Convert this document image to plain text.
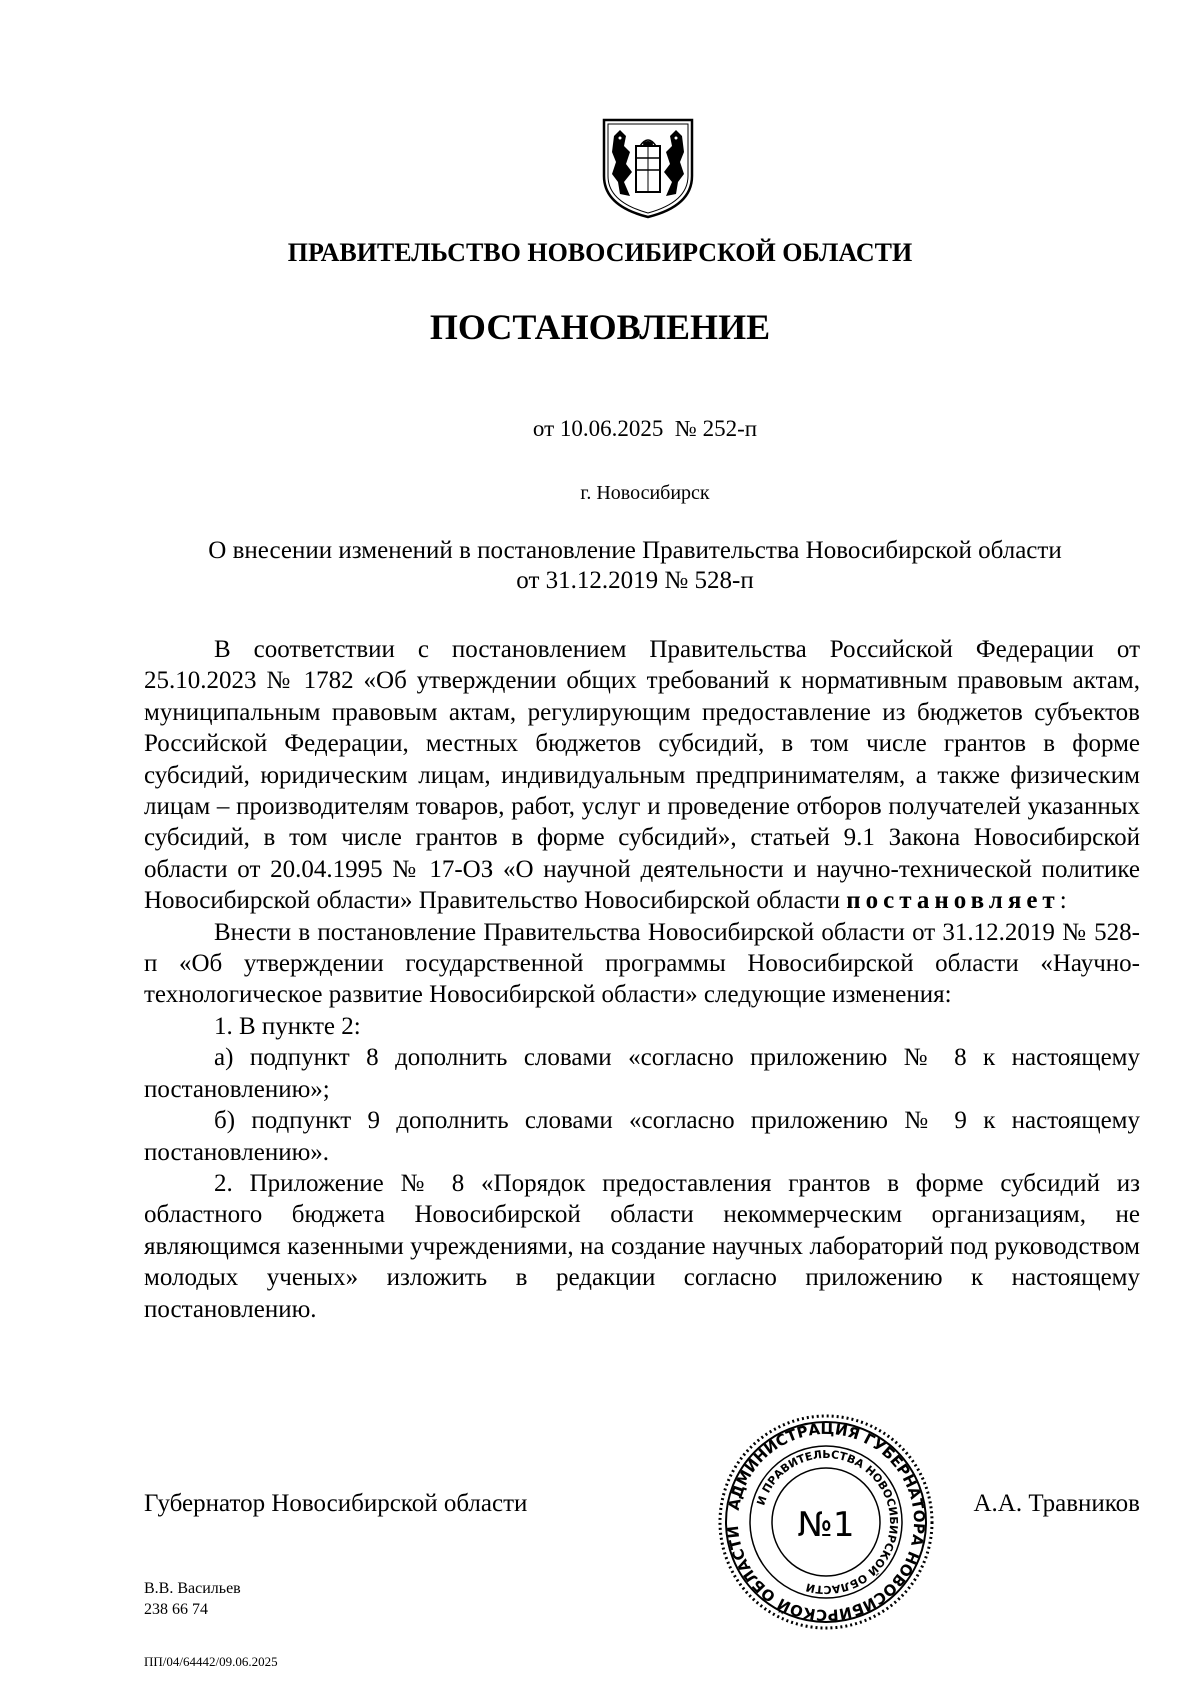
ПРАВИТЕЛЬСТВО НОВОСИБИРСКОЙ ОБЛАСТИ
ПОСТАНОВЛЕНИЕ
от 10.06.2025  № 252-п
г. Новосибирск
О внесении изменений в постановление Правительства Новосибирской области
от 31.12.2019 № 528-п

В соответствии с постановлением Правительства Российской Федерации от 25.10.2023 № 1782 «Об утверждении общих требований к нормативным правовым актам, муниципальным правовым актам, регулирующим предоставление из бюджетов субъектов Российской Федерации, местных бюджетов субсидий, в том числе грантов в форме субсидий, юридическим лицам, индивидуальным предпринимателям, а также физическим лицам – производителям товаров, работ, услуг и проведение отборов получателей указанных субсидий, в том числе грантов в форме субсидий», статьей 9.1 Закона Новосибирской области от 20.04.1995 № 17-ОЗ «О научной деятельности и научно-технической политике Новосибирской области» Правительство Новосибирской области постановляет:

Внести в постановление Правительства Новосибирской области от 31.12.2019 № 528-п «Об утверждении государственной программы Новосибирской области «Научно-технологическое развитие Новосибирской области» следующие изменения:

1. В пункте 2:

а) подпункт 8 дополнить словами «согласно приложению № 8 к настоящему постановлению»;

б) подпункт 9 дополнить словами «согласно приложению № 9 к настоящему постановлению».

2. Приложение № 8 «Порядок предоставления грантов в форме субсидий из областного бюджета Новосибирской области некоммерческим организациям, не являющимся казенными учреждениями, на создание научных лабораторий под руководством молодых ученых» изложить в редакции согласно приложению к настоящему постановлению.

Губернатор Новосибирской области	А.А. Травников
АДМИНИСТРАЦИЯ ГУБЕРНАТОРА НОВОСИБИРСКОЙ ОБЛАСТИ
И ПРАВИТЕЛЬСТВА НОВОСИБИРСКОЙ ОБЛАСТИ
№1
В.В. Васильев
238 66 74
ПП/04/64442/09.06.2025
